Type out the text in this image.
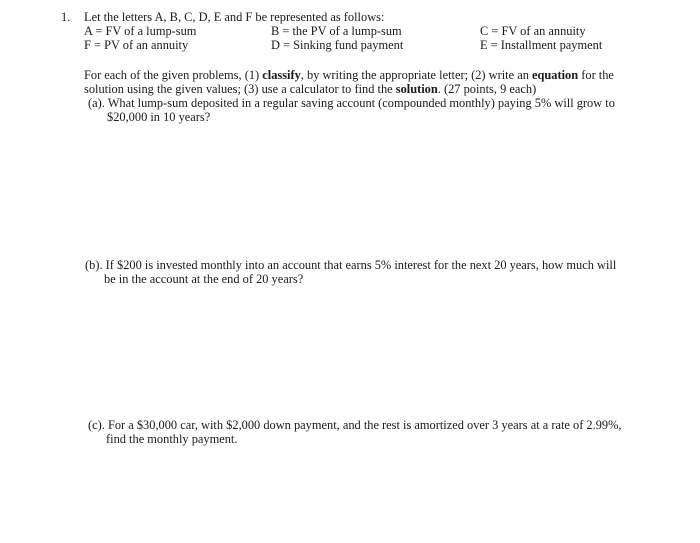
1. Let the letters A, B, C, D, E and F be represented as follows:
A = FV of a lump-sum	B = the PV of a lump-sum	C = FV of an annuity
F = PV of an annuity	D = Sinking fund payment	E = Installment payment
For each of the given problems, (1) classify, by writing the appropriate letter; (2) write an equation for the
solution using the given values; (3) use a calculator to find the solution. (27 points, 9 each)
(a). What lump-sum deposited in a regular saving account (compounded monthly) paying 5% will grow to
$20,000 in 10 years?
(b). If $200 is invested monthly into an account that earns 5% interest for the next 20 years, how much will
be in the account at the end of 20 years?
(c). For a $30,000 car, with $2,000 down payment, and the rest is amortized over 3 years at a rate of 2.99%,
find the monthly payment.
